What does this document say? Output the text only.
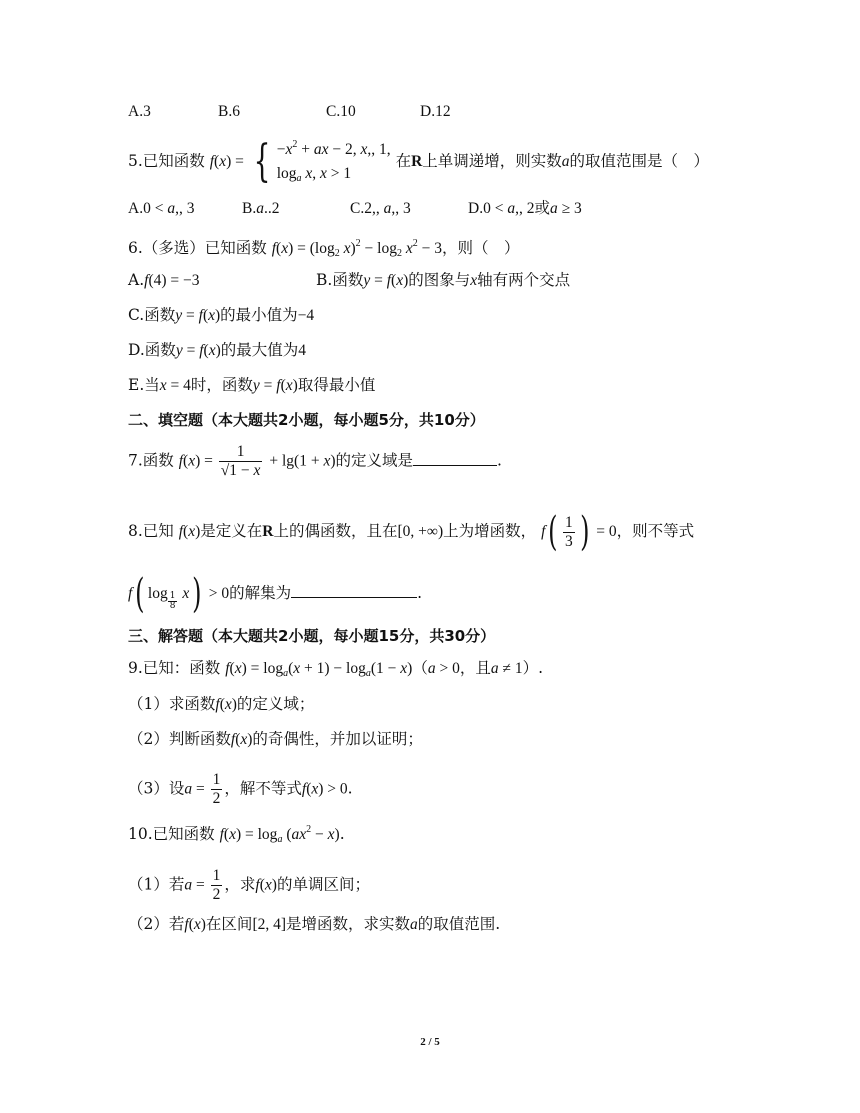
A.3	B.6	C.10	D.12
5.已知函数 f(x) = { $-x^2$ + ax − 2, x,, 1,
$\log_a x$, x > 1
在R上单调递增，则实数a的取值范围是（　）
A.0 < a,, 3	B.a..2	C.2,, a,, 3	D.0 < a,, 2或a ≥ 3
6.（多选）已知函数 $f(x) = (\log_2$ $x)^2 - \log_2 x^2 - 3$，则（　）
A.f(4) = −3	B.函数y = f(x)的图象与x轴有两个交点
C.函数y = f(x)的最小值为−4
D.函数y = f(x)的最大值为4
E.当x = 4时，函数y = f(x)取得最小值
二、填空题（本大题共2小题，每小题5分，共10分）
7.函数 $f(x) = \frac{1}{√1 - x} + \lg(1 + x)$的定义域是	.
8.已知 f(x)是定义在R上的偶函数，且在[0, +∞)上为增函数， $f( \frac{1}{3}$ ) = 0，则不等式
f( $\log \frac{1}{8} x) > 0$的解集为	.
三、解答题（本大题共2小题，每小题15分，共30分）
9.已知：函数 $f(x) = \log_a(x + 1) - \log_a(1 - x)(a > 0$，且a ≠ 1）.
（1）求函数f(x)的定义域；
（2）判断函数f(x)的奇偶性，并加以证明；
（3）设$a = \frac{1}{2}$ ，解不等式f(x) > 0.
10.已知函数 $f(x) = \log_a (ax^2 - x)$.
（1）若$a = \frac{1}{2}$ ，求f(x)的单调区间；
（2）若f(x)在区间[2, 4]是增函数，求实数a的取值范围.
2 / 5
